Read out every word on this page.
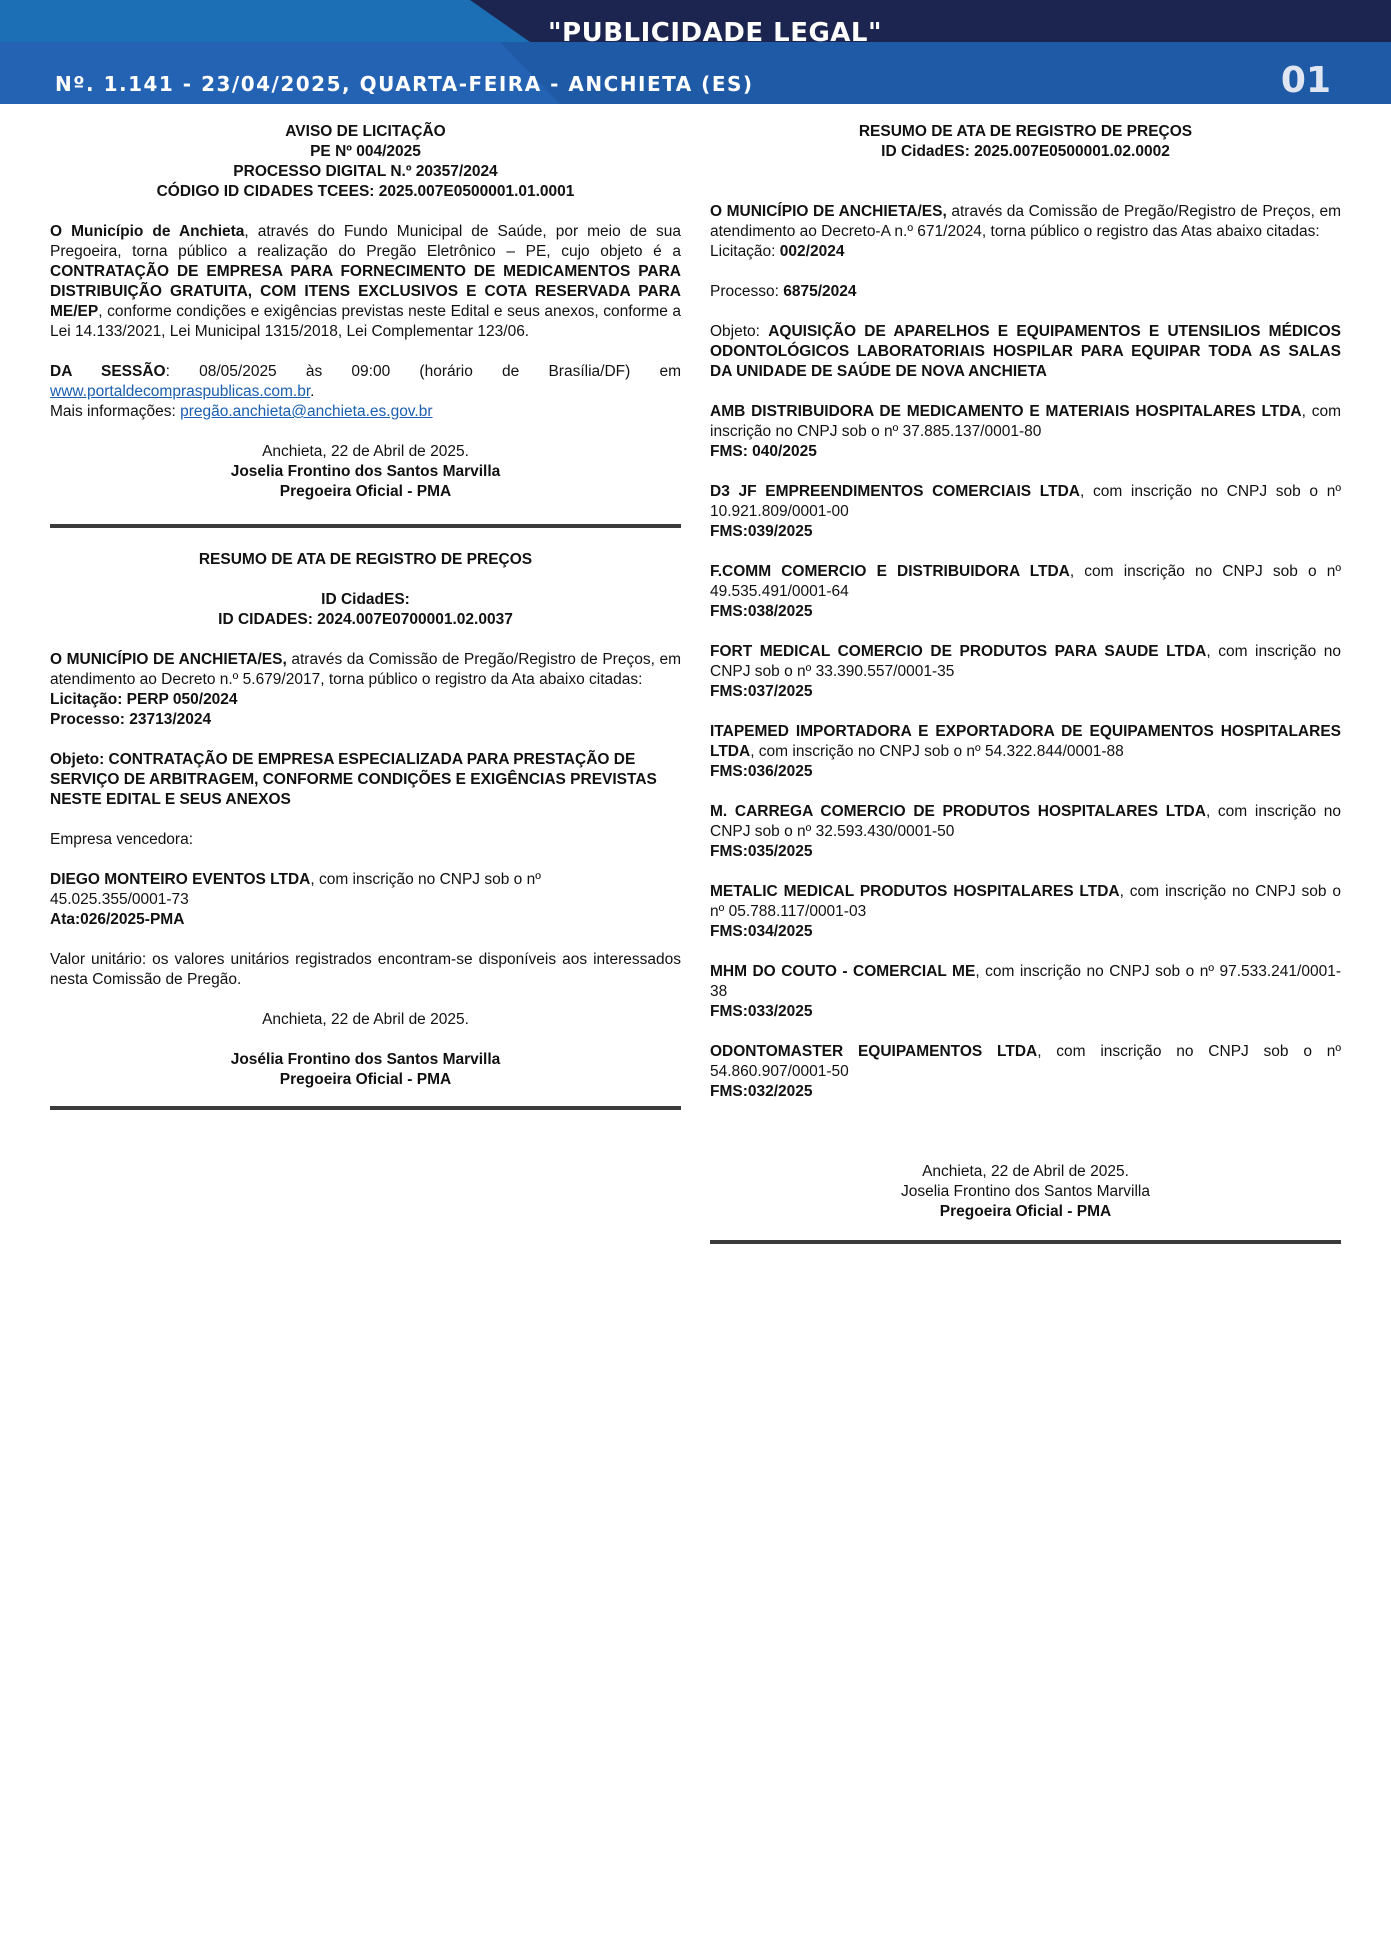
"PUBLICIDADE LEGAL"
Nº. 1.141 - 23/04/2025, QUARTA-FEIRA - ANCHIETA (ES)	01

AVISO DE LICITAÇÃO

PE Nº 004/2025

PROCESSO DIGITAL N.º 20357/2024

CÓDIGO ID CIDADES TCEES: 2025.007E0500001.01.0001

O Município de Anchieta, através do Fundo Municipal de Saúde, por meio de sua Pregoeira, torna público a realização do Pregão Eletrônico – PE, cujo objeto é a CONTRATAÇÃO DE EMPRESA PARA FORNECIMENTO DE MEDICAMENTOS PARA DISTRIBUIÇÃO GRATUITA, COM ITENS EXCLUSIVOS E COTA RESERVADA PARA ME/EP, conforme condições e exigências previstas neste Edital e seus anexos, conforme a Lei 14.133/2021, Lei Municipal 1315/2018, Lei Complementar 123/06.

DA SESSÃO: 08/05/2025 às 09:00 (horário de Brasília/DF) em www.portaldecompraspublicas.com.br.

Mais informações: pregão.anchieta@anchieta.es.gov.br

Anchieta, 22 de Abril de 2025.

Joselia Frontino dos Santos Marvilla

Pregoeira Oficial - PMA

RESUMO DE ATA DE REGISTRO DE PREÇOS

ID CidadES:

ID CIDADES: 2024.007E0700001.02.0037

O MUNICÍPIO DE ANCHIETA/ES, através da Comissão de Pregão/Registro de Preços, em atendimento ao Decreto n.º 5.679/2017, torna público o registro da Ata abaixo citadas:

Licitação: PERP 050/2024

Processo: 23713/2024

Objeto: CONTRATAÇÃO DE EMPRESA ESPECIALIZADA PARA PRESTAÇÃO DE SERVIÇO DE ARBITRAGEM, CONFORME CONDIÇÕES E EXIGÊNCIAS PREVISTAS NESTE EDITAL E SEUS ANEXOS

Empresa vencedora:

DIEGO MONTEIRO EVENTOS LTDA, com inscrição no CNPJ sob o nº 45.025.355/0001-73

Ata:026/2025-PMA

Valor unitário: os valores unitários registrados encontram-se disponíveis aos interessados nesta Comissão de Pregão.

Anchieta, 22 de Abril de 2025.

Josélia Frontino dos Santos Marvilla

Pregoeira Oficial - PMA

RESUMO DE ATA DE REGISTRO DE PREÇOS

ID CidadES: 2025.007E0500001.02.0002

O MUNICÍPIO DE ANCHIETA/ES, através da Comissão de Pregão/Registro de Preços, em atendimento ao Decreto-A n.º 671/2024, torna público o registro das Atas abaixo citadas:

Licitação: 002/2024

Processo: 6875/2024

Objeto: AQUISIÇÃO DE APARELHOS E EQUIPAMENTOS E UTENSILIOS MÉDICOS ODONTOLÓGICOS LABORATORIAIS HOSPILAR PARA EQUIPAR TODA AS SALAS DA UNIDADE DE SAÚDE DE NOVA ANCHIETA

AMB DISTRIBUIDORA DE MEDICAMENTO E MATERIAIS HOSPITALARES LTDA, com inscrição no CNPJ sob o nº 37.885.137/0001-80

FMS: 040/2025

D3 JF EMPREENDIMENTOS COMERCIAIS LTDA, com inscrição no CNPJ sob o nº 10.921.809/0001-00

FMS:039/2025

F.COMM COMERCIO E DISTRIBUIDORA LTDA, com inscrição no CNPJ sob o nº 49.535.491/0001-64

FMS:038/2025

FORT MEDICAL COMERCIO DE PRODUTOS PARA SAUDE LTDA, com inscrição no CNPJ sob o nº 33.390.557/0001-35

FMS:037/2025

ITAPEMED IMPORTADORA E EXPORTADORA DE EQUIPAMENTOS HOSPITALARES LTDA, com inscrição no CNPJ sob o nº 54.322.844/0001-88

FMS:036/2025

M. CARREGA COMERCIO DE PRODUTOS HOSPITALARES LTDA, com inscrição no CNPJ sob o nº 32.593.430/0001-50

FMS:035/2025

METALIC MEDICAL PRODUTOS HOSPITALARES LTDA, com inscrição no CNPJ sob o nº 05.788.117/0001-03

FMS:034/2025

MHM DO COUTO - COMERCIAL ME, com inscrição no CNPJ sob o nº 97.533.241/0001-38

FMS:033/2025

ODONTOMASTER EQUIPAMENTOS LTDA, com inscrição no CNPJ sob o nº 54.860.907/0001-50

FMS:032/2025

Anchieta, 22 de Abril de 2025.

Joselia Frontino dos Santos Marvilla

Pregoeira Oficial - PMA
